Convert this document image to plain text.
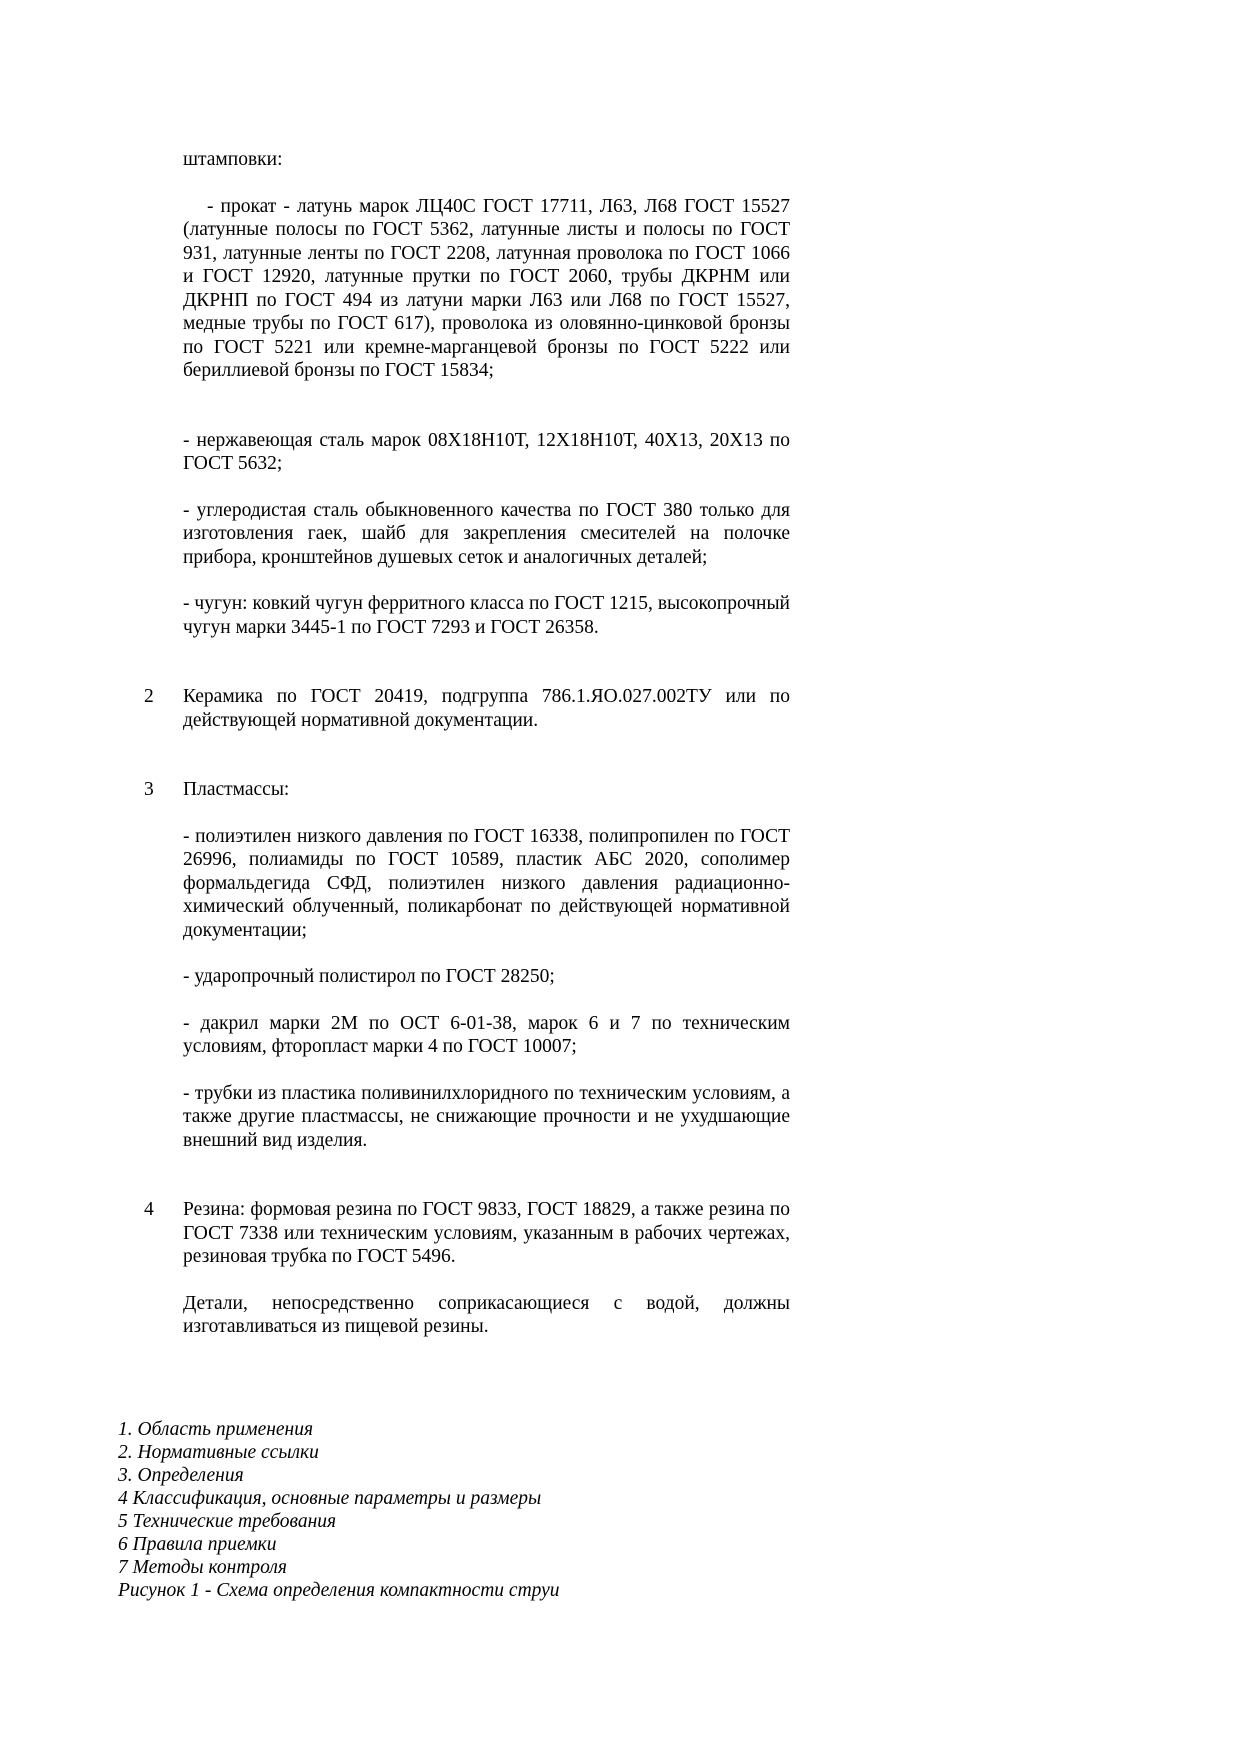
штамповки:

- прокат - латунь марок ЛЦ40С ГОСТ 17711, Л63, Л68 ГОСТ 15527 (латунные полосы по ГОСТ 5362, латунные листы и полосы по ГОСТ 931, латунные ленты по ГОСТ 2208, латунная проволока по ГОСТ 1066 и ГОСТ 12920, латунные прутки по ГОСТ 2060, трубы ДКРНМ или ДКРНП по ГОСТ 494 из латуни марки Л63 или Л68 по ГОСТ 15527, медные трубы по ГОСТ 617), проволока из оловянно-цинковой бронзы по ГОСТ 5221 или кремне-марганцевой бронзы по ГОСТ 5222 или бериллиевой бронзы по ГОСТ 15834;

- нержавеющая сталь марок 08Х18Н10Т, 12Х18Н10Т, 40Х13, 20Х13 по ГОСТ 5632;

- углеродистая сталь обыкновенного качества по ГОСТ 380 только для изготовления гаек, шайб для закрепления смесителей на полочке прибора, кронштейнов душевых сеток и аналогичных деталей;

- чугун: ковкий чугун ферритного класса по ГОСТ 1215, высокопрочный чугун марки 3445-1 по ГОСТ 7293 и ГОСТ 26358.

2	Керамика по ГОСТ 20419, подгруппа 786.1.ЯО.027.002ТУ или по действующей нормативной документации.

3	Пластмассы:

- полиэтилен низкого давления по ГОСТ 16338, полипропилен по ГОСТ 26996, полиамиды по ГОСТ 10589, пластик АБС 2020, сополимер формальдегида СФД, полиэтилен низкого давления радиационно-химический облученный, поликарбонат по действующей нормативной документации;

- ударопрочный полистирол по ГОСТ 28250;

- дакрил марки 2М по ОСТ 6-01-38, марок 6 и 7 по техническим условиям, фторопласт марки 4 по ГОСТ 10007;

- трубки из пластика поливинилхлоридного по техническим условиям, а также другие пластмассы, не снижающие прочности и не ухудшающие внешний вид изделия.

4	Резина: формовая резина по ГОСТ 9833, ГОСТ 18829, а также резина по ГОСТ 7338 или техническим условиям, указанным в рабочих чертежах, резиновая трубка по ГОСТ 5496.

Детали, непосредственно соприкасающиеся с водой, должны изготавливаться из пищевой резины.

1. Область применения
2. Нормативные ссылки
3. Определения
4 Классификация, основные параметры и размеры
5 Технические требования
6 Правила приемки
7 Методы контроля
Рисунок 1 - Схема определения компактности струи
